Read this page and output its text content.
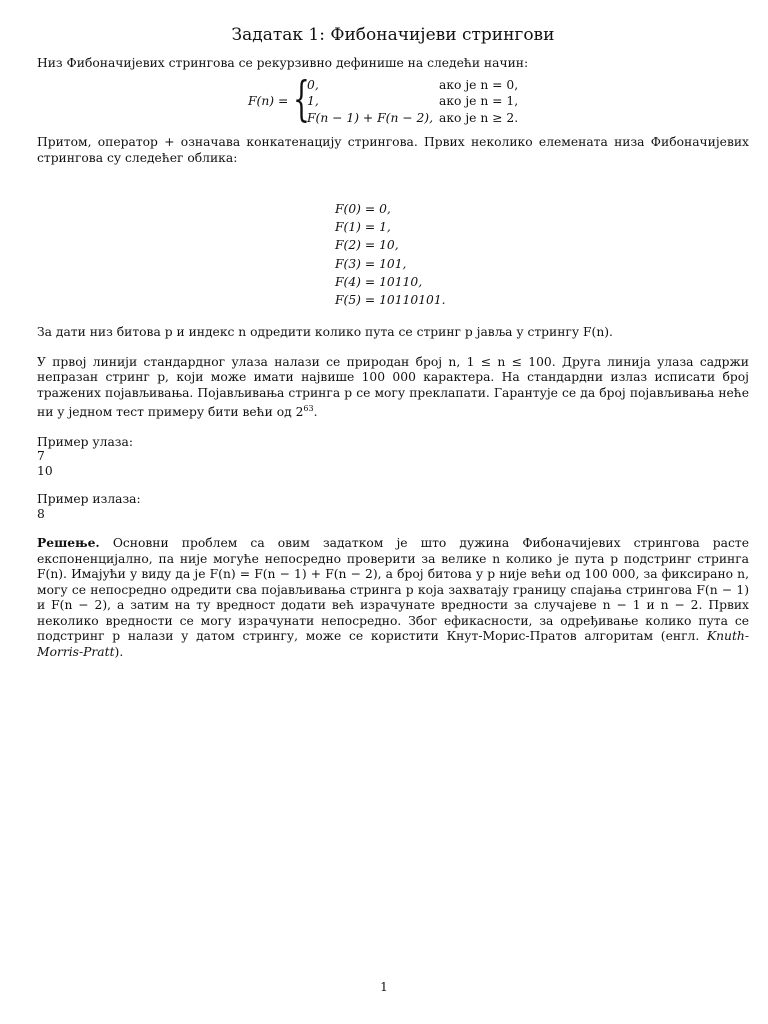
Задатак 1: Фибоначијеви стрингови

Низ Фибоначијевих стрингова се рекурзивно дефинише на следећи начин:

F(n) = {
0,	ако је n = 0,
1,	ако је n = 1,
F(n − 1) + F(n − 2), ако је n ≥ 2.

Притом, оператор + означава конкатенацију стрингова. Првих неколико елемената низа Фибоначијевих стрингова су следећег облика:

F(0) = 0,
F(1) = 1,
F(2) = 10,
F(3) = 101,
F(4) = 10110,
F(5) = 10110101.

За дати низ битова p и индекс n одредити колико пута се стринг p јавља у стрингу F(n).

У првој линији стандардног улаза налази се природан број n, 1 ≤ n ≤ 100. Друга линија улаза садржи непразан стринг p, који може имати највише 100 000 карактера. На стандардни излаз исписати број тражених појављивања. Појављивања стринга p се могу преклапати. Гарантује се да број појављивања неће ни у једном тест примеру бити већи од $2^{63}$.

Пример улаза:
7
10
Пример излаза:
8

Решење. Основни проблем са овим задатком је што дужина Фибоначијевих стрингова расте експоненцијално, па није могуће непосредно проверити за велике n колико је пута p подстринг стринга F(n). Имајући у виду да је F(n) = F(n − 1) + F(n − 2), а број битова у p није већи од 100 000, за фиксирано n, могу се непосредно одредити сва појављивања стринга p која захватају границу спајања стрингова F(n − 1) и F(n − 2), а затим на ту вредност додати већ израчунате вредности за случајеве n − 1 и n − 2. Првих неколико вредности се могу израчунати непосредно. Због ефикасности, за одређивање колико пута се подстринг p налази у датом стрингу, може се користити Кнут-Морис-Пратов алгоритам (енгл. Knuth-Morris-Pratt).

1
